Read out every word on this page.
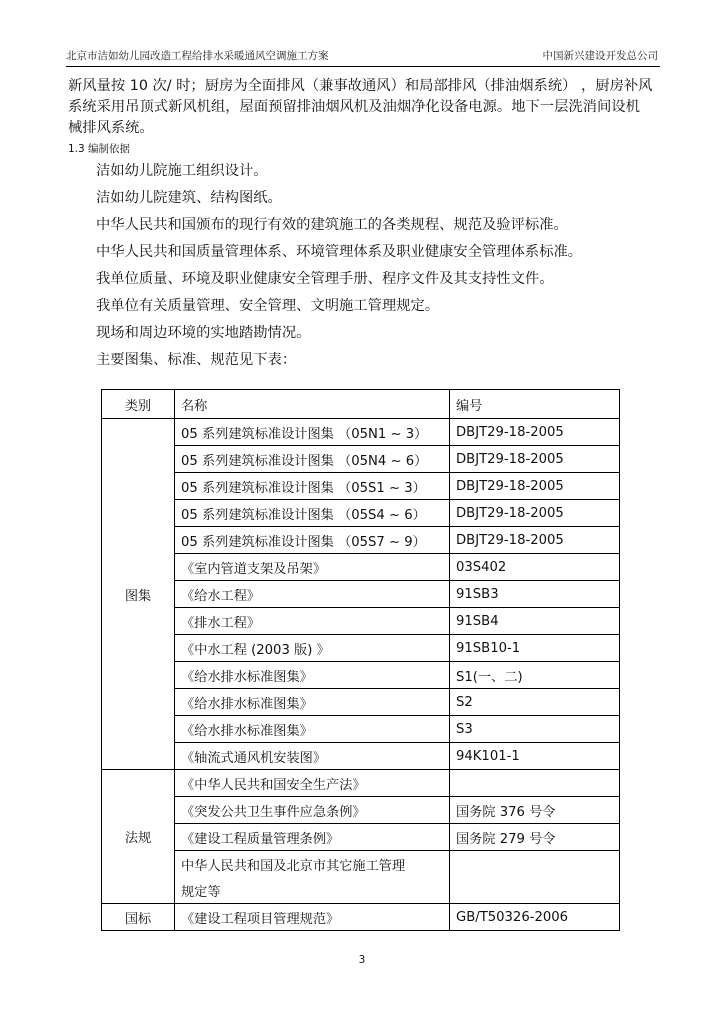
北京市洁如幼儿园改造工程给排水采暖通风空调施工方案	中国新兴建设开发总公司

新风量按 10 次/ 时；厨房为全面排风（兼事故通风）和局部排风（排油烟系统） ，厨房补风

系统采用吊顶式新风机组，屋面预留排油烟风机及油烟净化设备电源。地下一层洗消间设机

械排风系统。

1.3 编制依据

洁如幼儿院施工组织设计。

洁如幼儿院建筑、结构图纸。

中华人民共和国颁布的现行有效的建筑施工的各类规程、规范及验评标准。

中华人民共和国质量管理体系、环境管理体系及职业健康安全管理体系标准。

我单位质量、环境及职业健康安全管理手册、程序文件及其支持性文件。

我单位有关质量管理、安全管理、文明施工管理规定。

现场和周边环境的实地踏勘情况。

主要图集、标准、规范见下表：

类别	名称	编号
图集	05 系列建筑标准设计图集 （05N1 ~ 3）	DBJT29-18-2005
	05 系列建筑标准设计图集 （05N4 ~ 6）	DBJT29-18-2005
	05 系列建筑标准设计图集 （05S1 ~ 3）	DBJT29-18-2005
	05 系列建筑标准设计图集 （05S4 ~ 6）	DBJT29-18-2005
	05 系列建筑标准设计图集 （05S7 ~ 9）	DBJT29-18-2005
	《室内管道支架及吊架》	03S402
	《给水工程》	91SB3
	《排水工程》	91SB4
	《中水工程 (2003 版) 》	91SB10-1
	《给水排水标准图集》	S1(一、二)
	《给水排水标准图集》	S2
	《给水排水标准图集》	S3
	《轴流式通风机安装图》	94K101-1
法规	《中华人民共和国安全生产法》	
	《突发公共卫生事件应急条例》	国务院 376 号令
	《建设工程质量管理条例》	国务院 279 号令
	中华人民共和国及北京市其它施工管理	
	规定等	
国标	《建设工程项目管理规范》	GB/T50326-2006
3
